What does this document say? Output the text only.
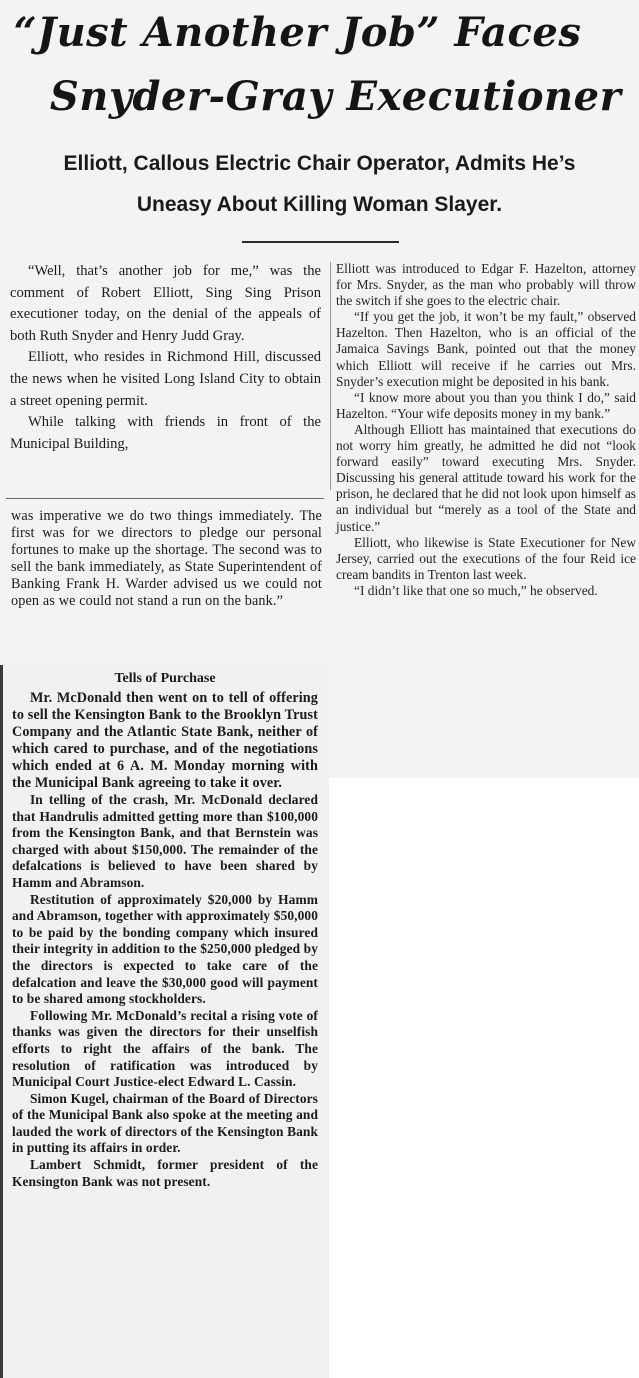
“Just Another Job” Faces
Snyder-Gray Executioner
Elliott, Callous Electric Chair Operator, Admits He’s
Uneasy About Killing Woman Slayer.

“Well, that’s another job for me,” was the comment of Robert Elliott, Sing Sing Prison executioner today, on the denial of the appeals of both Ruth Snyder and Henry Judd Gray.

Elliott, who resides in Richmond Hill, discussed the news when he visited Long Island City to obtain a street opening permit.

While talking with friends in front of the Municipal Building,

Elliott was introduced to Edgar F. Hazelton, attorney for Mrs. Snyder, as the man who probably will throw the switch if she goes to the electric chair.

“If you get the job, it won’t be my fault,” observed Hazelton. Then Hazelton, who is an official of the Jamaica Savings Bank, pointed out that the money which Elliott will receive if he carries out Mrs. Snyder’s execution might be deposited in his bank.

“I know more about you than you think I do,” said Hazelton. “Your wife deposits money in my bank.”

Although Elliott has maintained that executions do not worry him greatly, he admitted he did not “look forward easily” toward executing Mrs. Snyder. Discussing his general attitude toward his work for the prison, he declared that he did not look upon himself as an individual but “merely as a tool of the State and justice.”

Elliott, who likewise is State Executioner for New Jersey, carried out the executions of the four Reid ice cream bandits in Trenton last week.

“I didn’t like that one so much,” he observed.

was imperative we do two things immediately. The first was for we directors to pledge our personal fortunes to make up the shortage. The second was to sell the bank immediately, as State Superintendent of Banking Frank H. Warder advised us we could not open as we could not stand a run on the bank.”

Tells of Purchase

Mr. McDonald then went on to tell of offering to sell the Kensington Bank to the Brooklyn Trust Company and the Atlantic State Bank, neither of which cared to purchase, and of the negotiations which ended at 6 A. M. Monday morning with the Municipal Bank agreeing to take it over.

In telling of the crash, Mr. McDonald declared that Handrulis admitted getting more than $100,000 from the Kensington Bank, and that Bernstein was charged with about $150,000. The remainder of the defalcations is believed to have been shared by Hamm and Abramson.

Restitution of approximately $20,000 by Hamm and Abramson, together with approximately $50,000 to be paid by the bonding company which insured their integrity in addition to the $250,000 pledged by the directors is expected to take care of the defalcation and leave the $30,000 good will payment to be shared among stockholders.

Following Mr. McDonald’s recital a rising vote of thanks was given the directors for their unselfish efforts to right the affairs of the bank. The resolution of ratification was introduced by Municipal Court Justice-elect Edward L. Cassin.

Simon Kugel, chairman of the Board of Directors of the Municipal Bank also spoke at the meeting and lauded the work of directors of the Kensington Bank in putting its affairs in order.

Lambert Schmidt, former president of the Kensington Bank was not present.
